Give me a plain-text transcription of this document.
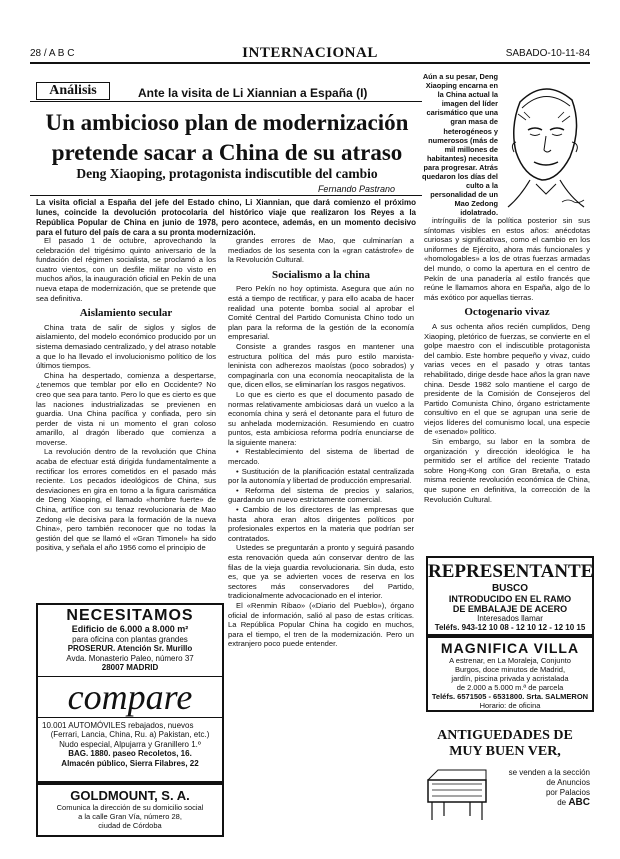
28 / A B C	INTERNACIONAL	SABADO-10-11-84
Análisis	Ante la visita de Li Xiannian a España (I)
Un ambicioso plan de modernización pretende sacar a China de su atraso
Deng Xiaoping, protagonista indiscutible del cambio
Fernando Pastrano
La visita oficial a España del jefe del Estado chino, Li Xiannian, que dará comienzo el próximo lunes, coincide la devolución protocolaria del histórico viaje que realizaron los Reyes a la República Popular de China en junio de 1978, pero acontece, además, en un momento decisivo para el futuro del país de cara a su pronta modernización.

El pasado 1 de octubre, aprovechando la celebración del trigésimo quinto aniversario de la fundación del régimen socialista, se proclamó a los cuatro vientos, con un desfile militar no visto en muchos años, la inauguración oficial en Pekín de una nueva etapa de modernización, que se pretende que sea definitiva.

Aislamiento secular

China trata de salir de siglos y siglos de aislamiento, del modelo económico producido por un sistema demasiado centralizado, y del atraso notable a que lo ha llevado el involucionismo político de los últimos tiempos.

China ha despertado, comienza a despertarse, ¿tenemos que temblar por ello en Occidente? No creo que sea para tanto. Pero lo que es cierto es que las naciones industrializadas se previenen en guardia. Una China pacífica y confiada, pero sin perder de vista ni un momento el gran coloso amarillo, al dragón liberado que comienza a moverse.

La revolución dentro de la revolución que China acaba de efectuar está dirigida fundamentalmente a rectificar los errores cometidos en el pasado más reciente. Los pecados ideológicos de China, sus desviaciones en gira en torno a la figura carismática de Deng Xiaoping, el llamado «hombre fuerte» de China, artífice con su tenaz revolucionaria de Mao Zedong «le decisiva para la formación de la nueva China», pero también reconocer que no todas la gestión del que se llamó el «Gran Timonel» ha sido positiva, y señala el año 1956 como el principio de

grandes errores de Mao, que culminarían a mediados de los sesenta con la «gran catástrofe» de la Revolución Cultural.

Socialismo a la china

Pero Pekín no hoy optimista. Asegura que aún no está a tiempo de rectificar, y para ello acaba de hacer realidad una potente bomba social al aprobar el Comité Central del Partido Comunista Chino todo un plan para la reforma de la gestión de la economía empresarial.

Consiste a grandes rasgos en mantener una estructura política del más puro estilo marxista-leninista con adherezos maoístas (poco sobrados) y compaginarla con una economía neocapitalista de la que, dicen ellos, se eliminarían los rasgos negativos.

Lo que es cierto es que el documento pasado de normas relativamente ambiciosas dará un vuelco a la economía china y será el detonante para el futuro de su anhelada modernización. Resumiendo en cuatro puntos, esta ambiciosa reforma podría enunciarse de la siguiente manera:

• Restablecimiento del sistema de libertad de mercado.

• Sustitución de la planificación estatal centralizada por la autonomía y libertad de producción empresarial.

• Reforma del sistema de precios y salarios, guardando un nuevo estrictamente comercial.

• Cambio de los directores de las empresas que hasta ahora eran altos dirigentes políticos por profesionales expertos en la materia que podrían ser contratados.

Ustedes se preguntarán a pronto y seguirá pasando esta renovación queda aún conservar dentro de las filas de la vieja guardia revolucionaria. Sin duda, esto es, que ya se advierten voces de reserva en los sectores más conservadores del Partido, tradicionalmente advocacionado en el interior.

El «Renmin Ribao» («Diario del Pueblo»), órgano oficial de información, salió al paso de estas críticas. La República Popular China ha cogido en muchos, para el tiempo, el tren de la modernización. Pero un extranjero poco puede entender.

Aún a su pesar, Deng Xiaoping encarna en la China actual la imagen del líder carismático que una gran masa de heterogéneos y numerosos (más de mil millones de habitantes) necesita para progresar. Atrás quedaron los días del culto a la personalidad de un Mao Zedong idolatrado.

intrínguilis de la política posterior sin sus síntomas visibles en estos años: anécdotas curiosas y significativas, como el cambio en los uniformes de Ejército, ahora más funcionales y «homologables» a los de otras fuerzas armadas del mundo, o como la apertura en el centro de Pekín de una panadería al estilo francés que reúne le llamamos ahora en España, algo de lo más exótico por aquellas tierras.

Octogenario vivaz

A sus ochenta años recién cumplidos, Deng Xiaoping, pletórico de fuerzas, se convierte en el golpe maestro con el indiscutible protagonista del cambio. Este hombre pequeño y vivaz, cuido varias veces en el pasado y otras tantas rehabilitado, dirige desde hace años la gran nave china. Desde 1982 solo mantiene el cargo de presidente de la Comisión de Consejeros del Partido Comunista Chino, órgano estrictamente consultivo en el que se agrupan una serie de viejos líderes del comunismo local, una especie de «senado» político.

Sin embargo, su labor en la sombra de organización y dirección ideológica le ha permitido ser el artífice del reciente Tratado sobre Hong-Kong con Gran Bretaña, o esta misma reciente revolución económica de China, que supone en definitiva, la corrección de la Revolución Cultural.

NECESITAMOS
Edificio de 6.000 a 8.000 m²
para oficina con plantas grandes
PROSERUR. Atención Sr. Murillo
Avda. Monasterio Paleo, número 37
28007 MADRID
compare
10.001 AUTOMÓVILES rebajados, nuevos
(Ferrari, Lancia, China, Ru. a) Pakistan, etc.)
Nudo especial, Alpujarra y Granillero 1.º
BAG. 1880. paseo Recoletos, 16.
Almacén público, Sierra Filabres, 22
GOLDMOUNT, S. A.
Comunica la dirección de su domicilio social
a la calle Gran Vía, número 28,
ciudad de Córdoba
REPRESENTANTE
BUSCO
INTRODUCIDO EN EL RAMO
DE EMBALAJE DE ACERO
Interesados llamar
Teléfs. 943-12 10 08 - 12 10 12 - 12 10 15
MAGNIFICA VILLA
A estrenar, en La Moraleja, Conjunto
Burgos, doce minutos de Madrid,
jardín, piscina privada y acristalada
de 2.000 a 5.000 m.ª de parcela
Teléfs. 6571505 - 6531800. Srta. SALMERON
Horario: de oficina
ANTIGUEDADES DE MUY BUEN VER,
se venden a la sección
de Anuncios
por Palacios
de ABC
